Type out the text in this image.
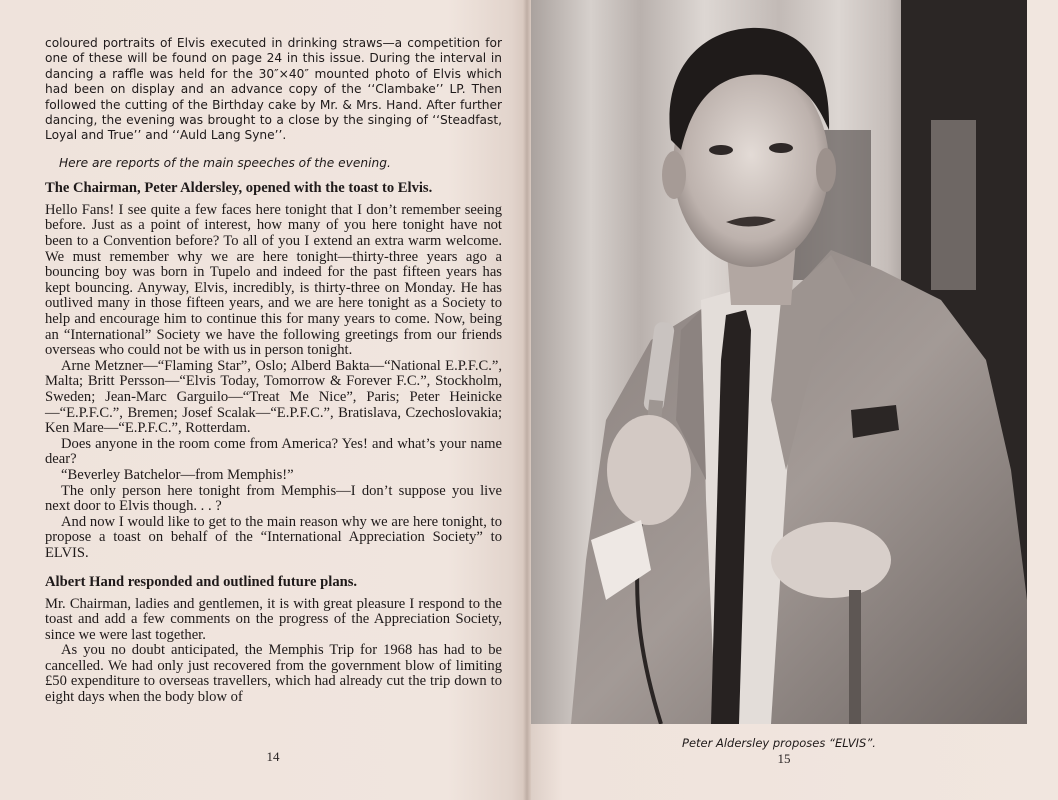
coloured portraits of Elvis executed in drinking straws—a competition for one of these will be found on page 24 in this issue. During the interval in dancing a raffle was held for the 30″×40″ mounted photo of Elvis which had been on display and an advance copy of the ‘‘Clambake’’ LP. Then followed the cutting of the Birthday cake by Mr. & Mrs. Hand. After further dancing, the evening was brought to a close by the singing of ‘‘Steadfast, Loyal and True’’ and ‘‘Auld Lang Syne’’.

Here are reports of the main speeches of the evening.

The Chairman, Peter Aldersley, opened with the toast to Elvis.

Hello Fans! I see quite a few faces here tonight that I don’t remember seeing before. Just as a point of interest, how many of you here tonight have not been to a Convention before? To all of you I extend an extra warm welcome. We must remember why we are here tonight—thirty-three years ago a bouncing boy was born in Tupelo and indeed for the past fifteen years has kept bouncing. Anyway, Elvis, incredibly, is thirty-three on Monday. He has outlived many in those fifteen years, and we are here tonight as a Society to help and encourage him to continue this for many years to come. Now, being an “International” Society we have the following greetings from our friends overseas who could not be with us in person tonight.

Arne Metzner—“Flaming Star”, Oslo; Alberd Bakta—“National E.P.F.C.”, Malta; Britt Persson—“Elvis Today, Tomorrow & Forever F.C.”, Stockholm, Sweden; Jean-Marc Garguilo—“Treat Me Nice”, Paris; Peter Heinicke—“E.P.F.C.”, Bremen; Josef Scalak—“E.P.F.C.”, Bratislava, Czechoslovakia; Ken Mare—“E.P.F.C.”, Rotterdam.

Does anyone in the room come from America? Yes! and what’s your name dear?

“Beverley Batchelor—from Memphis!”

The only person here tonight from Memphis—I don’t suppose you live next door to Elvis though. . . ?

And now I would like to get to the main reason why we are here tonight, to propose a toast on behalf of the “International Appreciation Society” to ELVIS.

Albert Hand responded and outlined future plans.

Mr. Chairman, ladies and gentlemen, it is with great pleasure I respond to the toast and add a few comments on the progress of the Appreciation Society, since we were last together.

As you no doubt anticipated, the Memphis Trip for 1968 has had to be cancelled. We had only just recovered from the government blow of limiting £50 expenditure to overseas travellers, which had already cut the trip down to eight days when the body blow of

14
Peter Aldersley proposes “ELVIS”.
15
